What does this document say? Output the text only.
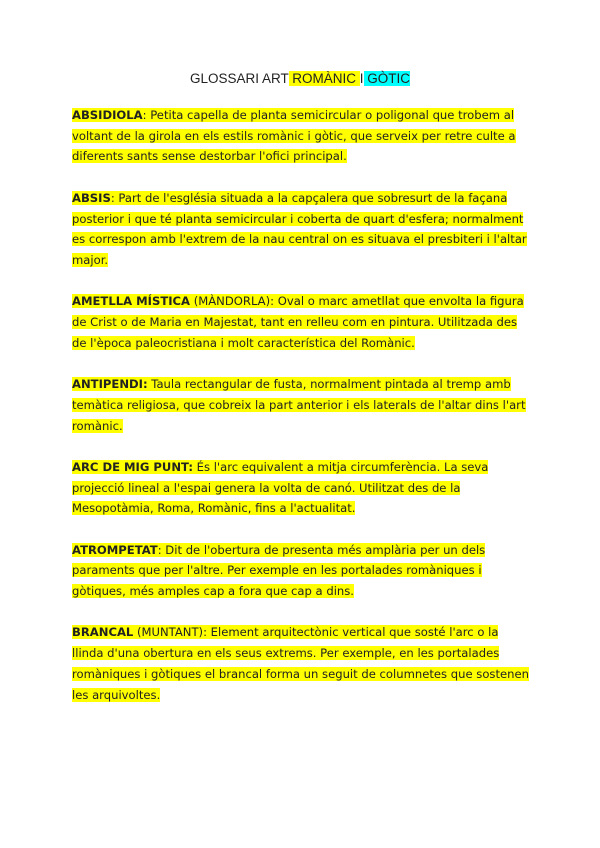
GLOSSARI ART ROMÀNIC I GÒTIC

ABSIDIOLA: Petita capella de planta semicircular o poligonal que trobem al voltant de la girola en els estils romànic i gòtic, que serveix per retre culte a diferents sants sense destorbar l'ofici principal.

ABSIS: Part de l'església situada a la capçalera que sobresurt de la façana posterior i que té planta semicircular i coberta de quart d'esfera; normalment es correspon amb l'extrem de la nau central on es situava el presbiteri i l'altar major.

AMETLLA MÍSTICA (MÀNDORLA): Oval o marc ametllat que envolta la figura de Crist o de Maria en Majestat, tant en relleu com en pintura. Utilitzada des de l'època paleocristiana i molt característica del Romànic.

ANTIPENDI: Taula rectangular de fusta, normalment pintada al tremp amb temàtica religiosa, que cobreix la part anterior i els laterals de l'altar dins l'art romànic.

ARC DE MIG PUNT: És l'arc equivalent a mitja circumferència. La seva projecció lineal a l'espai genera la volta de canó. Utilitzat des de la Mesopotàmia, Roma, Romànic, fins a l'actualitat.

ATROMPETAT: Dit de l'obertura de presenta més amplària per un dels paraments que per l'altre. Per exemple en les portalades romàniques i gòtiques, més amples cap a fora que cap a dins.

BRANCAL (MUNTANT): Element arquitectònic vertical que sosté l'arc o la llinda d'una obertura en els seus extrems. Per exemple, en les portalades romàniques i gòtiques el brancal forma un seguit de columnetes que sostenen les arquivoltes.
